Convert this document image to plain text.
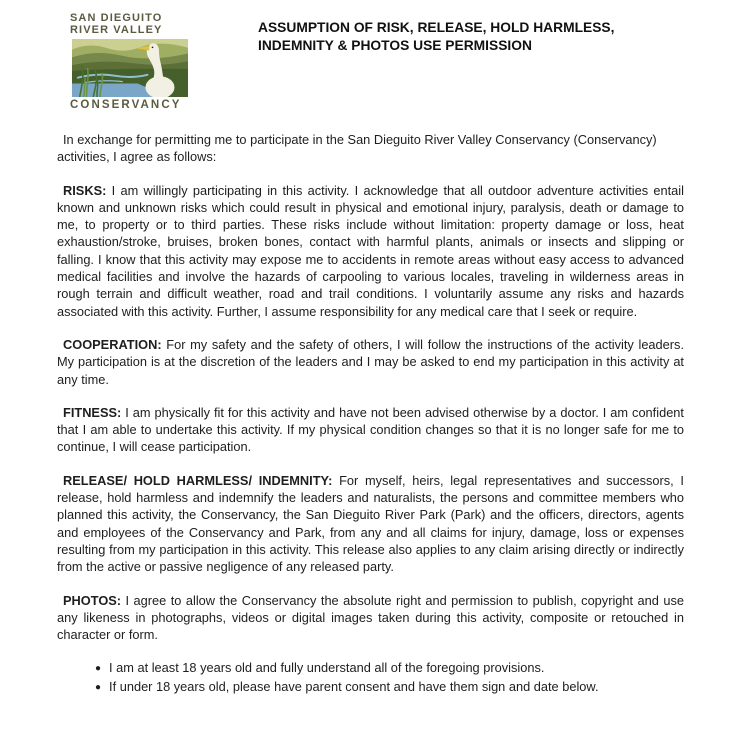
SAN DIEGUITO
RIVER VALLEY
CONSERVANCY
ASSUMPTION OF RISK, RELEASE, HOLD HARMLESS,
INDEMNITY & PHOTOS USE PERMISSION

In exchange for permitting me to participate in the San Dieguito River Valley Conservancy (Conservancy) activities, I agree as follows:

RISKS: I am willingly participating in this activity. I acknowledge that all outdoor adventure activities entail known and unknown risks which could result in physical and emotional injury, paralysis, death or damage to me, to property or to third parties. These risks include without limitation: property damage or loss, heat exhaustion/stroke, bruises, broken bones, contact with harmful plants, animals or insects and slipping or falling. I know that this activity may expose me to accidents in remote areas without easy access to advanced medical facilities and involve the hazards of carpooling to various locales, traveling in wilderness areas in rough terrain and difficult weather, road and trail conditions. I voluntarily assume any risks and hazards associated with this activity. Further, I assume responsibility for any medical care that I seek or require.

COOPERATION: For my safety and the safety of others, I will follow the instructions of the activity leaders. My participation is at the discretion of the leaders and I may be asked to end my participation in this activity at any time.

FITNESS: I am physically fit for this activity and have not been advised otherwise by a doctor. I am confident that I am able to undertake this activity. If my physical condition changes so that it is no longer safe for me to continue, I will cease participation.

RELEASE/ HOLD HARMLESS/ INDEMNITY: For myself, heirs, legal representatives and successors, I release, hold harmless and indemnify the leaders and naturalists, the persons and committee members who planned this activity, the Conservancy, the San Dieguito River Park (Park) and the officers, directors, agents and employees of the Conservancy and Park, from any and all claims for injury, damage, loss or expenses resulting from my participation in this activity. This release also applies to any claim arising directly or indirectly from the active or passive negligence of any released party.

PHOTOS: I agree to allow the Conservancy the absolute right and permission to publish, copyright and use any likeness in photographs, videos or digital images taken during this activity, composite or retouched in character or form.

● I am at least 18 years old and fully understand all of the foregoing provisions.
● If under 18 years old, please have parent consent and have them sign and date below.
